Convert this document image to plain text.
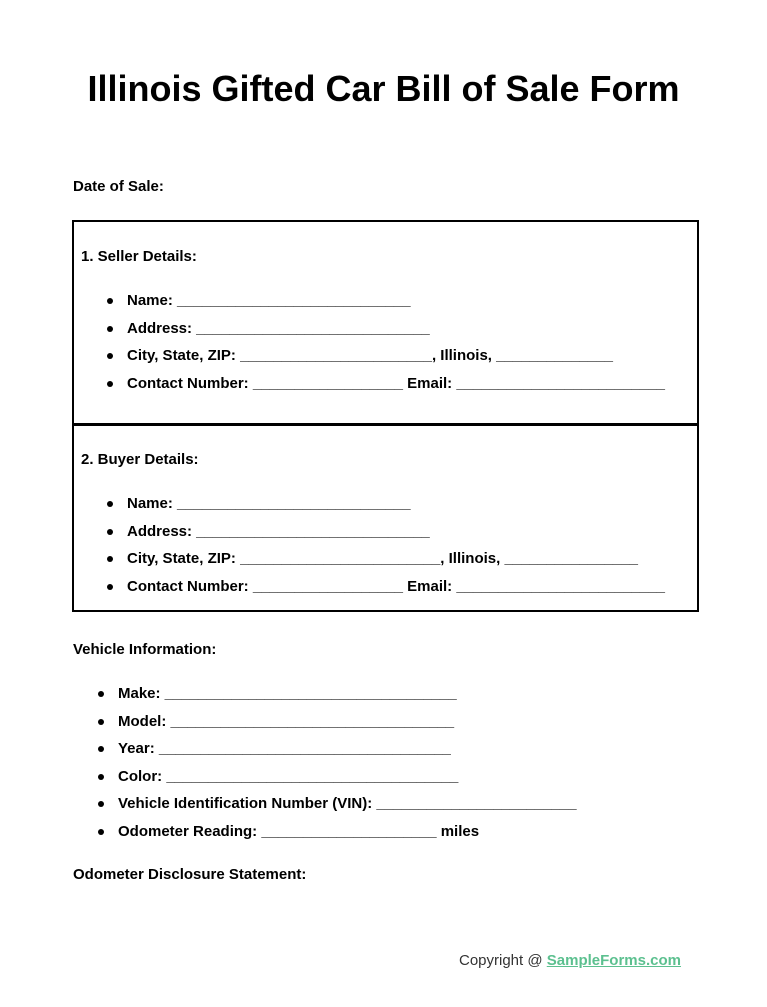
Illinois Gifted Car Bill of Sale Form
Date of Sale:
1. Seller Details:
Name: ____________________________
Address: ____________________________
City, State, ZIP: _______________________, Illinois, ______________
Contact Number: __________________ Email: _________________________
2. Buyer Details:
Name: ____________________________
Address: ____________________________
City, State, ZIP: ________________________, Illinois, ________________
Contact Number: __________________ Email: _________________________
Vehicle Information:
Make: ___________________________________
Model: __________________________________
Year: ___________________________________
Color: ___________________________________
Vehicle Identification Number (VIN): ________________________
Odometer Reading: _____________________ miles
Odometer Disclosure Statement:
Copyright @ SampleForms.com
